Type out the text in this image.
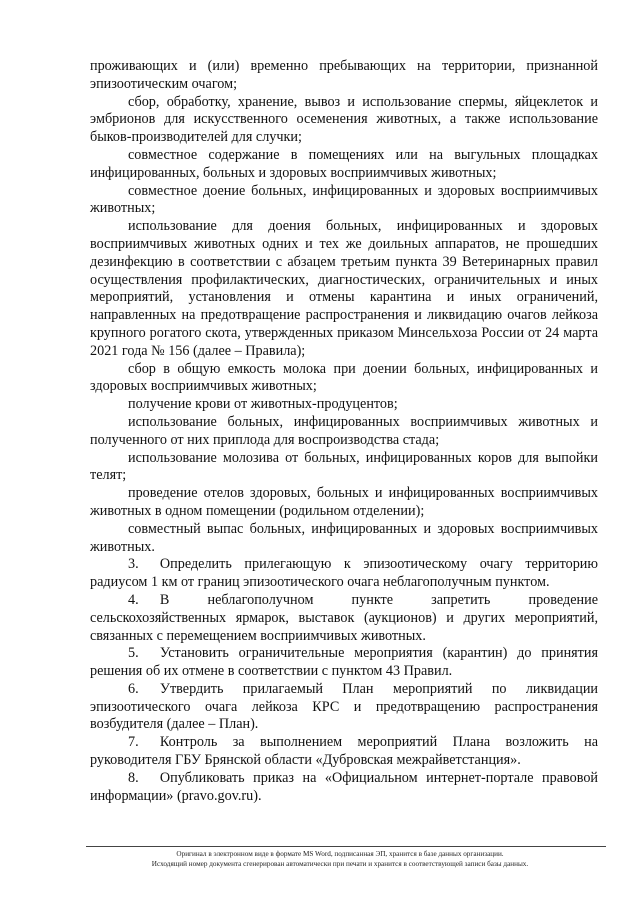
проживающих и (или) временно пребывающих на территории, признанной эпизоотическим очагом;

сбор, обработку, хранение, вывоз и использование спермы, яйцеклеток и эмбрионов для искусственного осеменения животных, а также использование быков-производителей для случки;

совместное содержание в помещениях или на выгульных площадках инфицированных, больных и здоровых восприимчивых животных;

совместное доение больных, инфицированных и здоровых восприимчивых животных;

использование для доения больных, инфицированных и здоровых восприимчивых животных одних и тех же доильных аппаратов, не прошедших дезинфекцию в соответствии с абзацем третьим пункта 39 Ветеринарных правил осуществления профилактических, диагностических, ограничительных и иных мероприятий, установления и отмены карантина и иных ограничений, направленных на предотвращение распространения и ликвидацию очагов лейкоза крупного рогатого скота, утвержденных приказом Минсельхоза России от 24 марта 2021 года № 156 (далее – Правила);

сбор в общую емкость молока при доении больных, инфицированных и здоровых восприимчивых животных;

получение крови от животных-продуцентов;

использование больных, инфицированных восприимчивых животных и полученного от них приплода для воспроизводства стада;

использование молозива от больных, инфицированных коров для выпойки телят;

проведение отелов здоровых, больных и инфицированных восприимчивых животных в одном помещении (родильном отделении);

совместный выпас больных, инфицированных и здоровых восприимчивых животных.

3.  Определить прилегающую к эпизоотическому очагу территорию радиусом 1 км от границ эпизоотического очага неблагополучным пунктом.

4.  В неблагополучном пункте запретить проведение сельскохозяйственных ярмарок, выставок (аукционов) и других мероприятий, связанных с перемещением восприимчивых животных.

5.  Установить ограничительные мероприятия (карантин) до принятия решения об их отмене в соответствии с пунктом 43 Правил.

6.  Утвердить прилагаемый План мероприятий по ликвидации эпизоотического очага лейкоза КРС и предотвращению распространения возбудителя (далее – План).

7.  Контроль за выполнением мероприятий Плана возложить на руководителя ГБУ Брянской области «Дубровская межрайветстанция».

8.  Опубликовать приказ на «Официальном интернет-портале правовой информации» (pravo.gov.ru).

Оригинал в электронном виде в формате MS Word, подписанная ЭП, хранится в базе данных организации.
Исходящий номер документа сгенерирован автоматически при печати и хранится в соответствующей записи базы данных.
